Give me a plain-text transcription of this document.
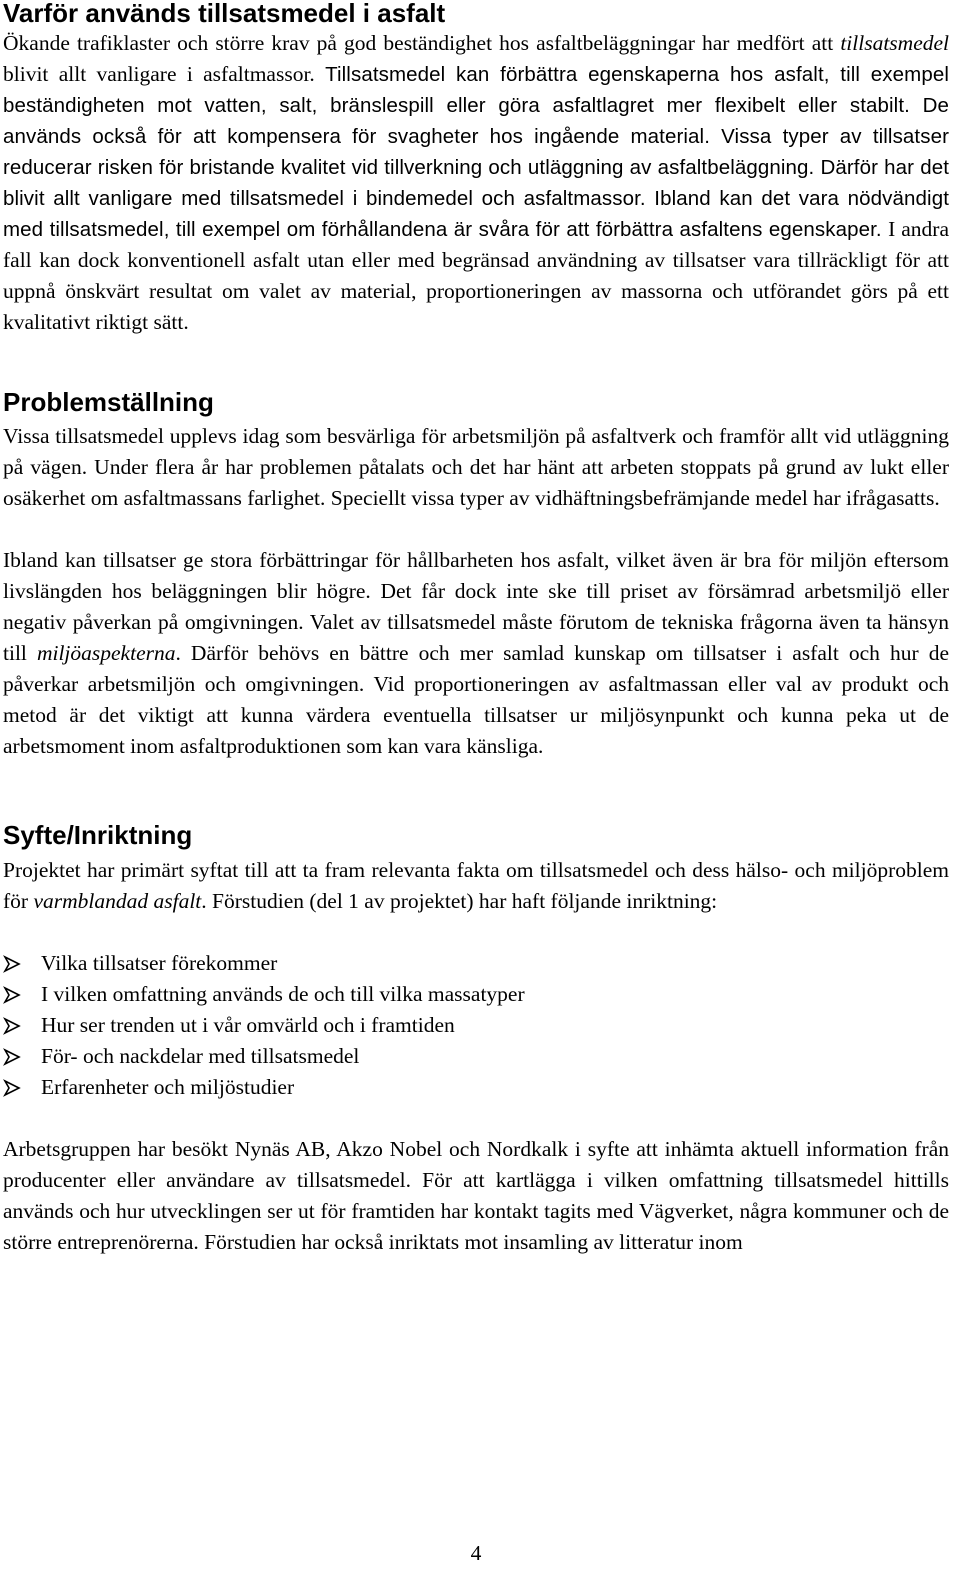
Varför används tillsatsmedel i asfalt

Ökande trafiklaster och större krav på god beständighet hos asfaltbeläggningar har medfört att tillsatsmedel blivit allt vanligare i asfaltmassor. Tillsatsmedel kan förbättra egenskaperna hos asfalt, till exempel beständigheten mot vatten, salt, bränslespill eller göra asfaltlagret mer flexibelt eller stabilt. De används också för att kompensera för svagheter hos ingående material. Vissa typer av tillsatser reducerar risken för bristande kvalitet vid tillverkning och utläggning av asfaltbeläggning. Därför har det blivit allt vanligare med tillsatsmedel i bindemedel och asfaltmassor. Ibland kan det vara nödvändigt med tillsatsmedel, till exempel om förhållandena är svåra för att förbättra asfaltens egenskaper. I andra fall kan dock konventionell asfalt utan eller med begränsad användning av tillsatser vara tillräckligt för att uppnå önskvärt resultat om valet av material, proportioneringen av massorna och utförandet görs på ett kvalitativt riktigt sätt.

Problemställning

Vissa tillsatsmedel upplevs idag som besvärliga för arbetsmiljön på asfaltverk och framför allt vid utläggning på vägen. Under flera år har problemen påtalats och det har hänt att arbeten stoppats på grund av lukt eller osäkerhet om asfaltmassans farlighet. Speciellt vissa typer av vidhäftningsbefrämjande medel har ifrågasatts.

Ibland kan tillsatser ge stora förbättringar för hållbarheten hos asfalt, vilket även är bra för miljön eftersom livslängden hos beläggningen blir högre. Det får dock inte ske till priset av försämrad arbetsmiljö eller negativ påverkan på omgivningen. Valet av tillsatsmedel måste förutom de tekniska frågorna även ta hänsyn till miljöaspekterna. Därför behövs en bättre och mer samlad kunskap om tillsatser i asfalt och hur de påverkar arbetsmiljön och omgivningen. Vid proportioneringen av asfaltmassan eller val av produkt och metod är det viktigt att kunna värdera eventuella tillsatser ur miljösynpunkt och kunna peka ut de arbetsmoment inom asfaltproduktionen som kan vara känsliga.

Syfte/Inriktning

Projektet har primärt syftat till att ta fram relevanta fakta om tillsatsmedel och dess hälso- och miljöproblem för varmblandad asfalt. Förstudien (del 1 av projektet) har haft följande inriktning:

Vilka tillsatser förekommer
I vilken omfattning används de och till vilka massatyper
Hur ser trenden ut i vår omvärld och i framtiden
För- och nackdelar med tillsatsmedel
Erfarenheter och miljöstudier

Arbetsgruppen har besökt Nynäs AB, Akzo Nobel och Nordkalk i syfte att inhämta aktuell information från producenter eller användare av tillsatsmedel. För att kartlägga i vilken omfattning tillsatsmedel hittills används och hur utvecklingen ser ut för framtiden har kontakt tagits med Vägverket, några kommuner och de större entreprenörerna. Förstudien har också inriktats mot insamling av litteratur inom

4
